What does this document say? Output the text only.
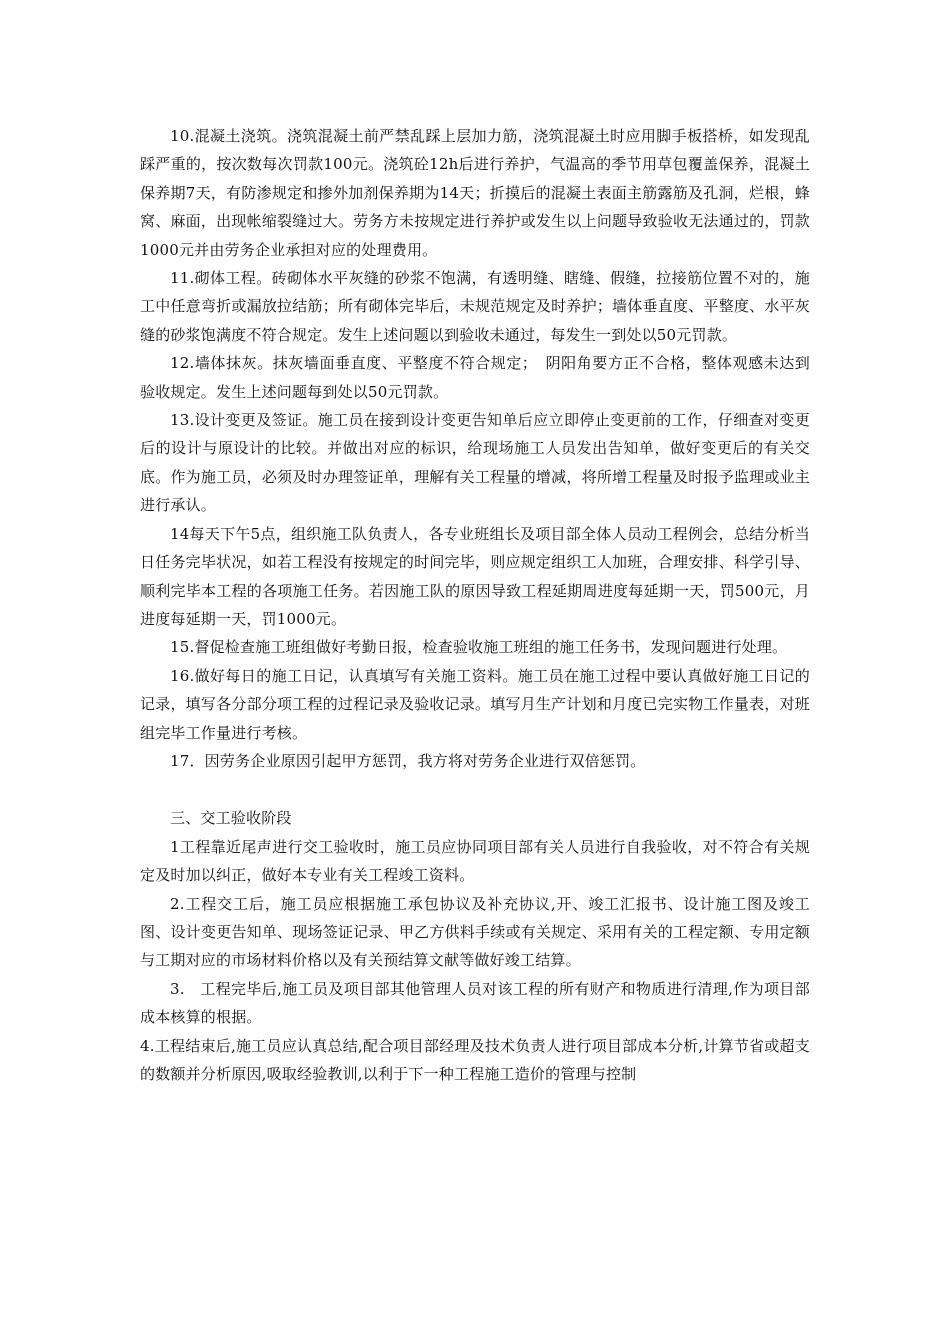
10.混凝土浇筑。浇筑混凝土前严禁乱踩上层加力筋，浇筑混凝土时应用脚手板搭桥，如发现乱踩严重的，按次数每次罚款100元。浇筑砼12h后进行养护，气温高的季节用草包覆盖保养，混凝土保养期7天，有防渗规定和掺外加剂保养期为14天；折摸后的混凝土表面主筋露筋及孔洞，烂根，蜂窝、麻面，出现帐缩裂缝过大。劳务方未按规定进行养护或发生以上问题导致验收无法通过的，罚款1000元并由劳务企业承担对应的处理费用。

11.砌体工程。砖砌体水平灰缝的砂浆不饱满，有透明缝、瞎缝、假缝，拉接筋位置不对的，施工中任意弯折或漏放拉结筋；所有砌体完毕后，未规范规定及时养护；墙体垂直度、平整度、水平灰缝的砂浆饱满度不符合规定。发生上述问题以到验收未通过，每发生一到处以50元罚款。

12.墙体抹灰。抹灰墙面垂直度、平整度不符合规定；　阴阳角要方正不合格，整体观感未达到验收规定。发生上述问题每到处以50元罚款。

13.设计变更及签证。施工员在接到设计变更告知单后应立即停止变更前的工作，仔细查对变更后的设计与原设计的比较。并做出对应的标识，给现场施工人员发出告知单，做好变更后的有关交底。作为施工员，必须及时办理签证单，理解有关工程量的增减，将所增工程量及时报予监理或业主进行承认。

14每天下午5点，组织施工队负责人，各专业班组长及项目部全体人员动工程例会，总结分析当日任务完毕状况，如若工程没有按规定的时间完毕，则应规定组织工人加班，合理安排、科学引导、顺利完毕本工程的各项施工任务。若因施工队的原因导致工程延期周进度每延期一天，罚500元，月进度每延期一天，罚1000元。

15.督促检查施工班组做好考勤日报，检查验收施工班组的施工任务书，发现问题进行处理。

16.做好每日的施工日记，认真填写有关施工资料。施工员在施工过程中要认真做好施工日记的记录，填写各分部分项工程的过程记录及验收记录。填写月生产计划和月度已完实物工作量表，对班组完毕工作量进行考核。

17．因劳务企业原因引起甲方惩罚，我方将对劳务企业进行双倍惩罚。

三、交工验收阶段

1工程靠近尾声进行交工验收时，施工员应协同项目部有关人员进行自我验收，对不符合有关规定及时加以纠正，做好本专业有关工程竣工资料。

2.工程交工后，施工员应根据施工承包协议及补充协议,开、竣工汇报书、设计施工图及竣工图、设计变更告知单、现场签证记录、甲乙方供料手续或有关规定、采用有关的工程定额、专用定额与工期对应的市场材料价格以及有关预结算文献等做好竣工结算。

3.　工程完毕后,施工员及项目部其他管理人员对该工程的所有财产和物质进行清理,作为项目部成本核算的根据。

4.工程结束后,施工员应认真总结,配合项目部经理及技术负责人进行项目部成本分析,计算节省或超支的数额并分析原因,吸取经验教训,以利于下一种工程施工造价的管理与控制
